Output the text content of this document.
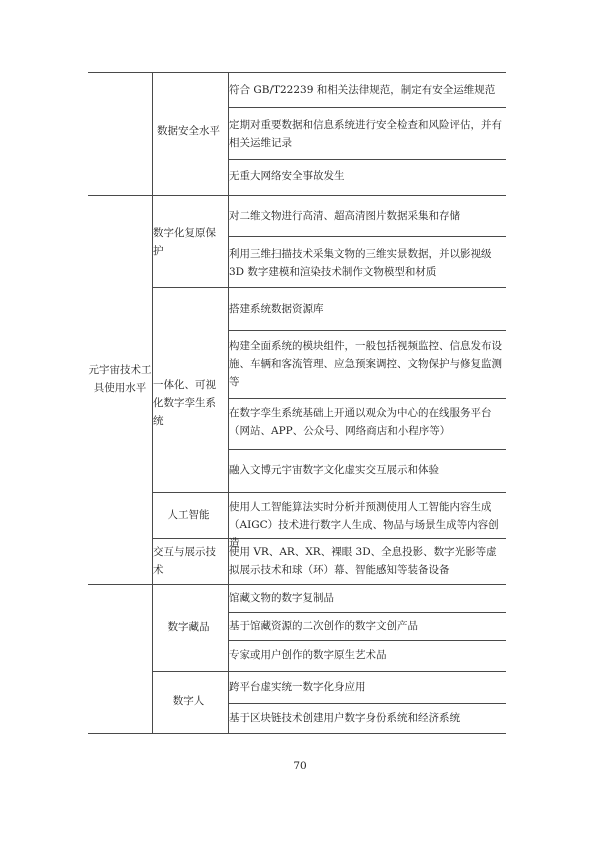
数据安全水平
符合 GB/T22239 和相关法律规范，制定有安全运维规范
定期对重要数据和信息系统进行安全检查和风险评估，并有相关运维记录
无重大网络安全事故发生
元宇宙技术工具使用水平
数字化复原保护
对二维文物进行高清、超高清图片数据采集和存储
利用三维扫描技术采集文物的三维实景数据，并以影视级 3D 数字建模和渲染技术制作文物模型和材质
一体化、可视化数字孪生系统
搭建系统数据资源库
构建全面系统的模块组件，一般包括视频监控、信息发布设施、车辆和客流管理、应急预案调控、文物保护与修复监测等
在数字孪生系统基础上开通以观众为中心的在线服务平台（网站、APP、公众号、网络商店和小程序等）
融入文博元宇宙数字文化虚实交互展示和体验
人工智能
使用人工智能算法实时分析并预测使用人工智能内容生成（AIGC）技术进行数字人生成、物品与场景生成等内容创造
交互与展示技术
使用 VR、AR、XR、裸眼 3D、全息投影、数字光影等虚拟展示技术和球（环）幕、智能感知等装备设备
数字藏品
馆藏文物的数字复制品
基于馆藏资源的二次创作的数字文创产品
专家或用户创作的数字原生艺术品
数字人
跨平台虚实统一数字化身应用
基于区块链技术创建用户数字身份系统和经济系统
70
